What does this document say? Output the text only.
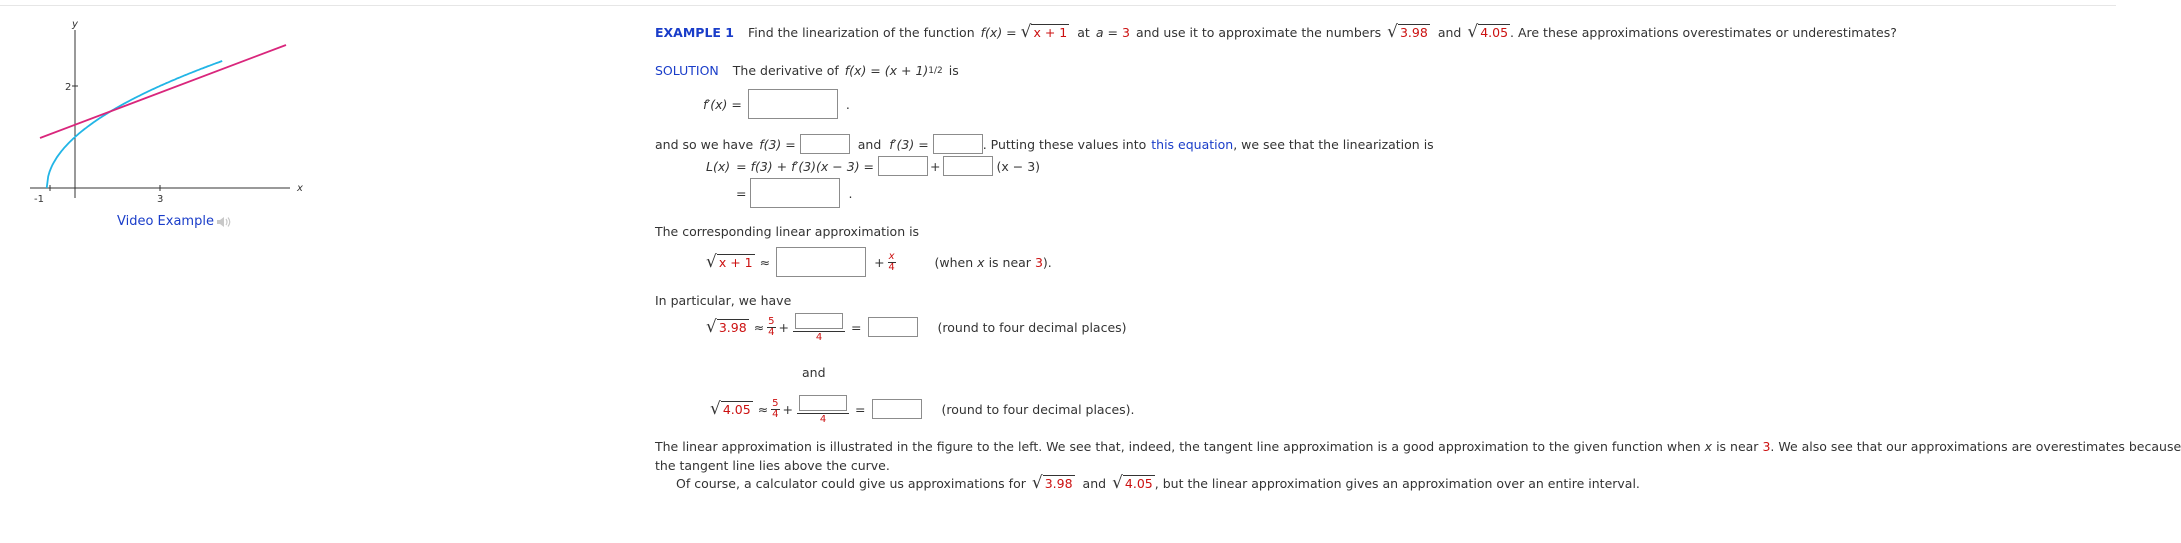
y
x
2
3
-1
Video Example
EXAMPLE 1 Find the linearization of the function f(x) = √ x + 1 at a = 3 and use it to approximate the numbers √ 3.98 and √ 4.05 . Are these approximations overestimates or underestimates?
SOLUTION The derivative of f(x) = (x + 1) 1/2 is
f′(x) =	.
and so we have f(3) =	and f′(3) =	. Putting these values into this equation , we see that the linearization is
L(x) = f(3) + f′(3)(x − 3) =	+	(x − 3)
=	.
The corresponding linear approximation is
√ x + 1 ≈	+ $\frac{x}{4}$	(when x is near 3 ).
In particular, we have
√ $3.98 \approx \frac{5}{4}$ +
4
=	(round to four decimal places)
and
√ $4.05 \approx \frac{5}{4}$ +
4
=	(round to four decimal places).
The linear approximation is illustrated in the figure to the left. We see that, indeed, the tangent line approximation is a good approximation to the given function when x is near 3 . We also see that our approximations are overestimates because
the tangent line lies above the curve.
Of course, a calculator could give us approximations for √ 3.98 and √ 4.05 , but the linear approximation gives an approximation over an entire interval.
